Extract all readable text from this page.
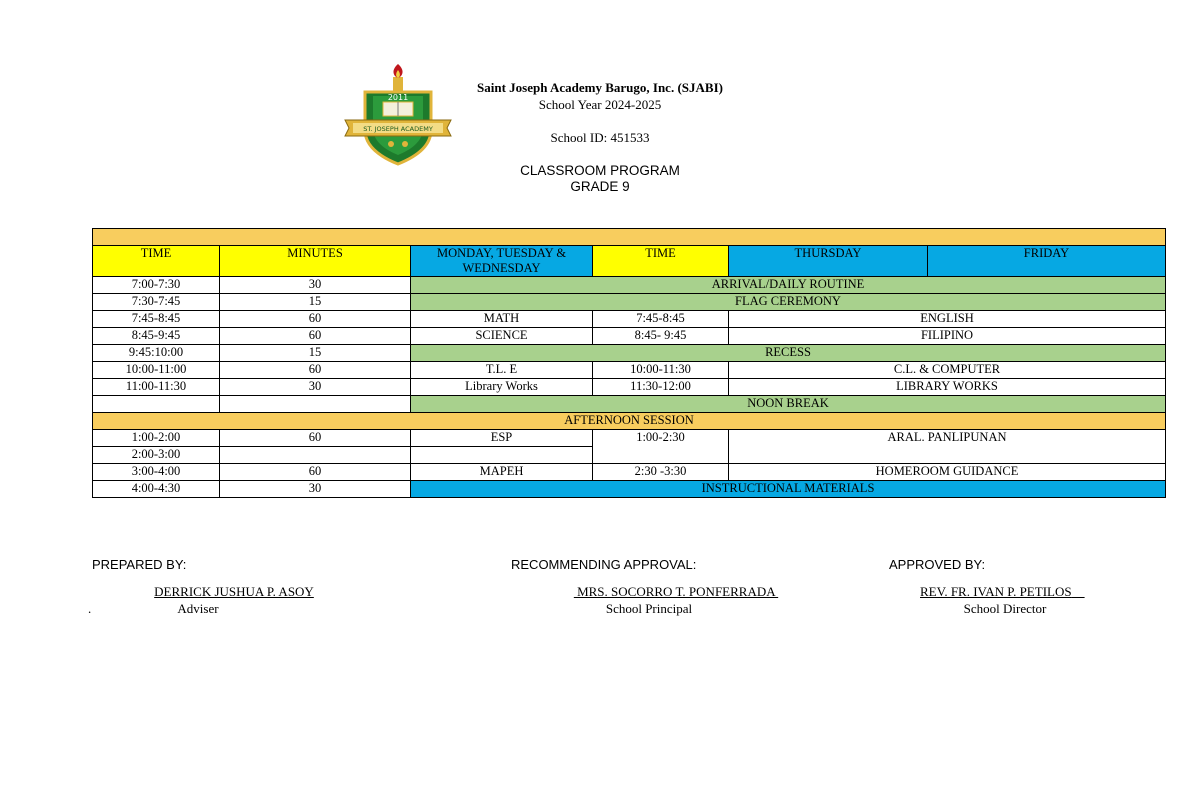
2011
ST. JOSEPH ACADEMY
Saint Joseph Academy Barugo, Inc. (SJABI)
School Year 2024-2025
School ID: 451533
CLASSROOM PROGRAM
GRADE 9

TIME	MINUTES	MONDAY, TUESDAY & WEDNESDAY	TIME	THURSDAY	FRIDAY
7:00-7:30	30	ARRIVAL/DAILY ROUTINE			
7:30-7:45	15	FLAG CEREMONY			
7:45-8:45	60	MATH	7:45-8:45	ENGLISH	
8:45-9:45	60	SCIENCE	8:45- 9:45	FILIPINO	
9:45:10:00	15	RECESS			
10:00-11:00	60	T.L. E	10:00-11:30	C.L. & COMPUTER	
11:00-11:30	30	Library Works	11:30-12:00	LIBRARY WORKS	
		NOON BREAK			
AFTERNOON SESSION					
1:00-2:00	60	ESP	1:00-2:30	ARAL. PANLIPUNAN	
2:00-3:00					
3:00-4:00	60	MAPEH	2:30 -3:30	HOMEROOM GUIDANCE	
4:00-4:30	30	INSTRUCTIONAL MATERIALS			
PREPARED BY:	RECOMMENDING APPROVAL:	APPROVED BY:
DERRICK JUSHUA P. ASOY
.	Adviser
MRS. SOCORRO T. PONFERRADA
School Principal
REV. FR. IVAN P. PETILOS
School Director
